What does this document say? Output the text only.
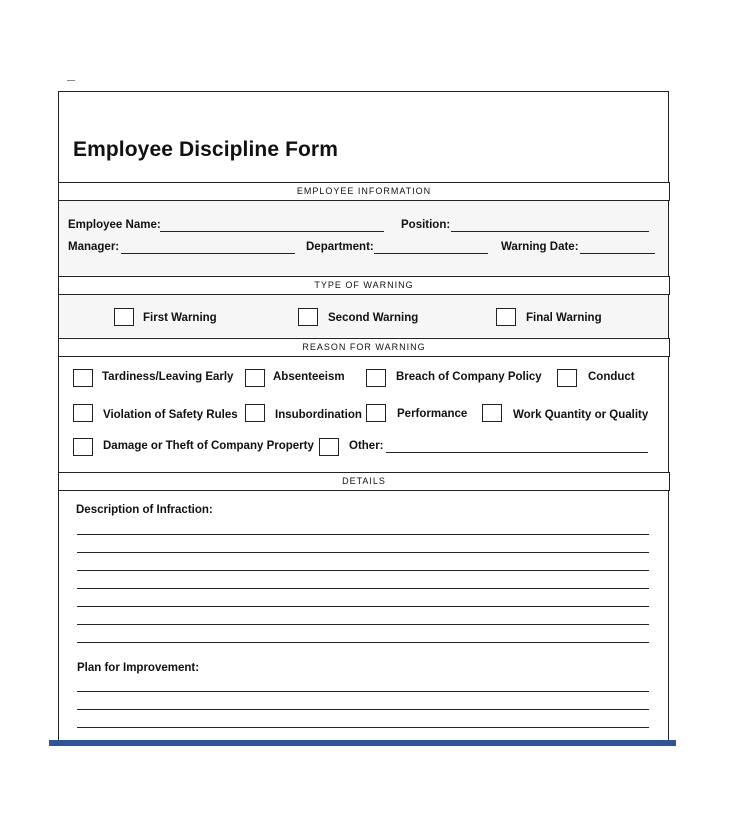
Employee Discipline Form
EMPLOYEE INFORMATION
Employee Name:	Position:
Manager:	Department:	Warning Date:
TYPE OF WARNING
First Warning	Second Warning	Final Warning
REASON FOR WARNING
Tardiness/Leaving Early	Absenteeism	Breach of Company Policy	Conduct
Violation of Safety Rules	Insubordination	Performance	Work Quantity or Quality
Damage or Theft of Company Property	Other:
DETAILS
Description of Infraction:
Plan for Improvement:
